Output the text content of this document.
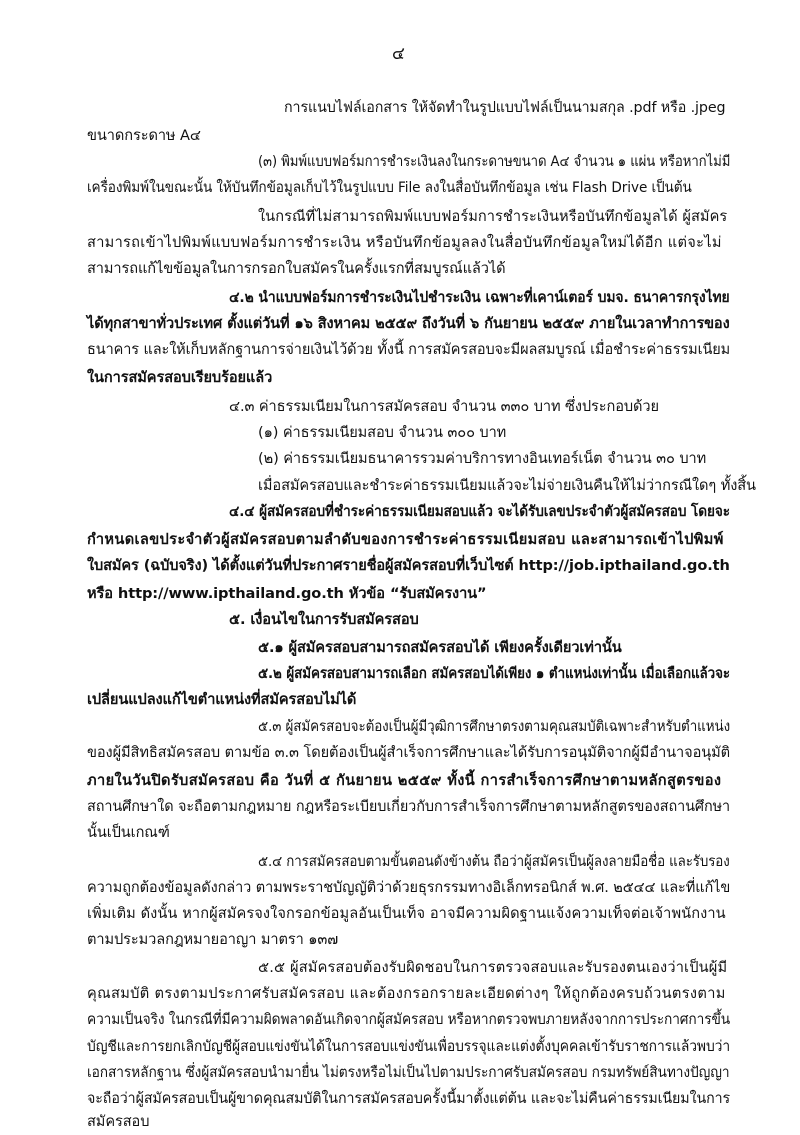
๔
การแนบไฟล์เอกสาร ให้จัดทำในรูปแบบไฟล์เป็นนามสกุล .pdf หรือ .jpeg
ขนาดกระดาษ A๔
(๓) พิมพ์แบบฟอร์มการชำระเงินลงในกระดาษขนาด A๔ จำนวน ๑ แผ่น หรือหากไม่มี
เครื่องพิมพ์ในขณะนั้น ให้บันทึกข้อมูลเก็บไว้ในรูปแบบ File ลงในสื่อบันทึกข้อมูล เช่น Flash Drive เป็นต้น
ในกรณีที่ไม่สามารถพิมพ์แบบฟอร์มการชำระเงินหรือบันทึกข้อมูลได้ ผู้สมัคร
สามารถเข้าไปพิมพ์แบบฟอร์มการชำระเงิน หรือบันทึกข้อมูลลงในสื่อบันทึกข้อมูลใหม่ได้อีก แต่จะไม่
สามารถแก้ไขข้อมูลในการกรอกใบสมัครในครั้งแรกที่สมบูรณ์แล้วได้
๔.๒ นำแบบฟอร์มการชำระเงินไปชำระเงิน เฉพาะที่เคาน์เตอร์ บมจ. ธนาคารกรุงไทย
ได้ทุกสาขาทั่วประเทศ ตั้งแต่วันที่ ๑๖ สิงหาคม ๒๕๕๙ ถึงวันที่ ๖ กันยายน ๒๕๕๙ ภายในเวลาทำการของ
ธนาคาร และให้เก็บหลักฐานการจ่ายเงินไว้ด้วย ทั้งนี้ การสมัครสอบจะมีผลสมบูรณ์ เมื่อชำระค่าธรรมเนียม
ในการสมัครสอบเรียบร้อยแล้ว
๔.๓ ค่าธรรมเนียมในการสมัครสอบ จำนวน ๓๓๐ บาท ซึ่งประกอบด้วย
(๑) ค่าธรรมเนียมสอบ จำนวน ๓๐๐ บาท
(๒) ค่าธรรมเนียมธนาคารรวมค่าบริการทางอินเทอร์เน็ต จำนวน ๓๐ บาท
เมื่อสมัครสอบและชำระค่าธรรมเนียมแล้วจะไม่จ่ายเงินคืนให้ไม่ว่ากรณีใดๆ ทั้งสิ้น
๔.๔ ผู้สมัครสอบที่ชำระค่าธรรมเนียมสอบแล้ว จะได้รับเลขประจำตัวผู้สมัครสอบ โดยจะ
กำหนดเลขประจำตัวผู้สมัครสอบตามลำดับของการชำระค่าธรรมเนียมสอบ และสามารถเข้าไปพิมพ์
ใบสมัคร (ฉบับจริง) ได้ตั้งแต่วันที่ประกาศรายชื่อผู้สมัครสอบที่เว็บไซต์ http://job.ipthailand.go.th
หรือ http://www.ipthailand.go.th หัวข้อ “รับสมัครงาน”
๕. เงื่อนไขในการรับสมัครสอบ
๕.๑ ผู้สมัครสอบสามารถสมัครสอบได้ เพียงครั้งเดียวเท่านั้น
๕.๒ ผู้สมัครสอบสามารถเลือก สมัครสอบได้เพียง ๑ ตำแหน่งเท่านั้น เมื่อเลือกแล้วจะ
เปลี่ยนแปลงแก้ไขตำแหน่งที่สมัครสอบไม่ได้
๕.๓ ผู้สมัครสอบจะต้องเป็นผู้มีวุฒิการศึกษาตรงตามคุณสมบัติเฉพาะสำหรับตำแหน่ง
ของผู้มีสิทธิสมัครสอบ ตามข้อ ๓.๓ โดยต้องเป็นผู้สำเร็จการศึกษาและได้รับการอนุมัติจากผู้มีอำนาจอนุมัติ
ภายในวันปิดรับสมัครสอบ คือ วันที่ ๕ กันยายน ๒๕๕๙ ทั้งนี้ การสำเร็จการศึกษาตามหลักสูตรของ
สถานศึกษาใด จะถือตามกฎหมาย กฎหรือระเบียบเกี่ยวกับการสำเร็จการศึกษาตามหลักสูตรของสถานศึกษา
นั้นเป็นเกณฑ์
๕.๔ การสมัครสอบตามขั้นตอนดังข้างต้น ถือว่าผู้สมัครเป็นผู้ลงลายมือชื่อ และรับรอง
ความถูกต้องข้อมูลดังกล่าว ตามพระราชบัญญัติว่าด้วยธุรกรรมทางอิเล็กทรอนิกส์ พ.ศ. ๒๕๔๔ และที่แก้ไข
เพิ่มเติม ดังนั้น หากผู้สมัครจงใจกรอกข้อมูลอันเป็นเท็จ อาจมีความผิดฐานแจ้งความเท็จต่อเจ้าพนักงาน
ตามประมวลกฎหมายอาญา มาตรา ๑๓๗
๕.๕ ผู้สมัครสอบต้องรับผิดชอบในการตรวจสอบและรับรองตนเองว่าเป็นผู้มี
คุณสมบัติ ตรงตามประกาศรับสมัครสอบ และต้องกรอกรายละเอียดต่างๆ ให้ถูกต้องครบถ้วนตรงตาม
ความเป็นจริง ในกรณีที่มีความผิดพลาดอันเกิดจากผู้สมัครสอบ หรือหากตรวจพบภายหลังจากการประกาศการขึ้น
บัญชีและการยกเลิกบัญชีผู้สอบแข่งขันได้ในการสอบแข่งขันเพื่อบรรจุและแต่งตั้งบุคคลเข้ารับราชการแล้วพบว่า
เอกสารหลักฐาน ซึ่งผู้สมัครสอบนำมายื่น ไม่ตรงหรือไม่เป็นไปตามประกาศรับสมัครสอบ กรมทรัพย์สินทางปัญญา
จะถือว่าผู้สมัครสอบเป็นผู้ขาดคุณสมบัติในการสมัครสอบครั้งนี้มาตั้งแต่ต้น และจะไม่คืนค่าธรรมเนียมในการ
สมัครสอบ
